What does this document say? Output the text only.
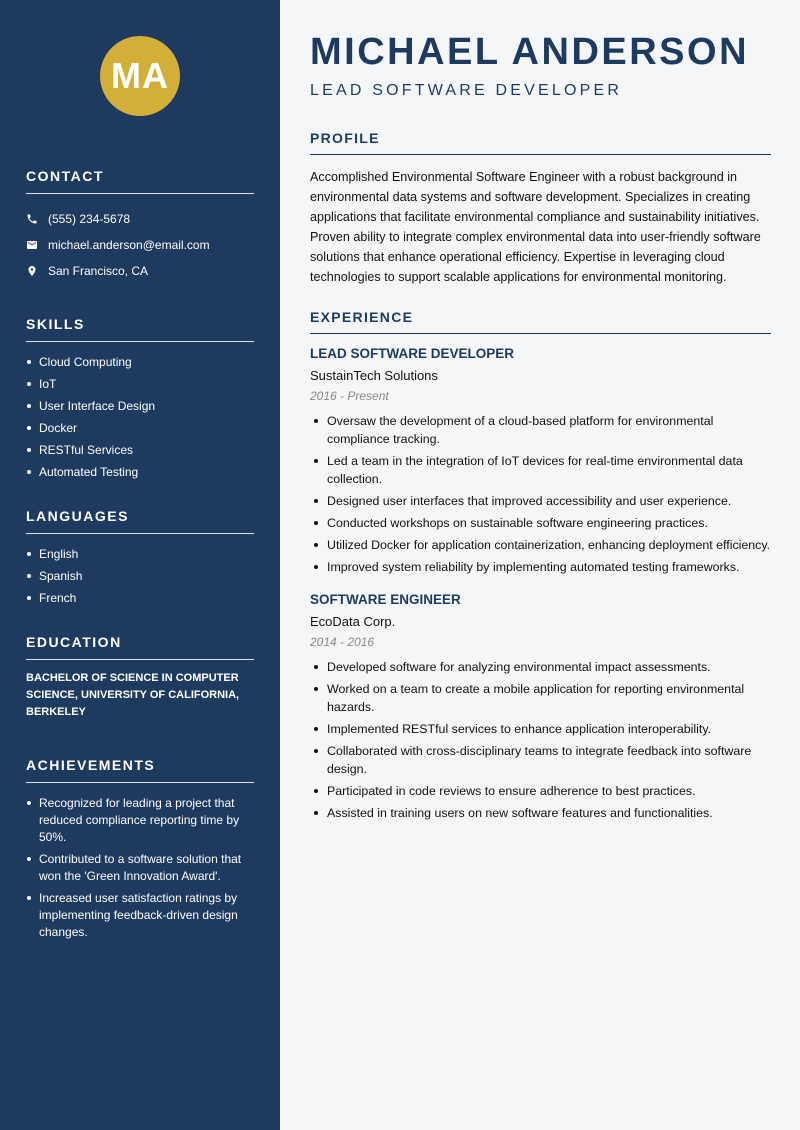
MA
CONTACT
(555) 234-5678
michael.anderson@email.com
San Francisco, CA
SKILLS
Cloud Computing
IoT
User Interface Design
Docker
RESTful Services
Automated Testing
LANGUAGES
English
Spanish
French
EDUCATION

BACHELOR OF SCIENCE IN COMPUTER SCIENCE, UNIVERSITY OF CALIFORNIA, BERKELEY

ACHIEVEMENTS
Recognized for leading a project that reduced compliance reporting time by 50%.
Contributed to a software solution that won the 'Green Innovation Award'.
Increased user satisfaction ratings by implementing feedback-driven design changes.
MICHAEL ANDERSON
LEAD SOFTWARE DEVELOPER
PROFILE

Accomplished Environmental Software Engineer with a robust background in environmental data systems and software development. Specializes in creating applications that facilitate environmental compliance and sustainability initiatives. Proven ability to integrate complex environmental data into user-friendly software solutions that enhance operational efficiency. Expertise in leveraging cloud technologies to support scalable applications for environmental monitoring.

EXPERIENCE
LEAD SOFTWARE DEVELOPER
SustainTech Solutions
2016 - Present
Oversaw the development of a cloud-based platform for environmental compliance tracking.
Led a team in the integration of IoT devices for real-time environmental data collection.
Designed user interfaces that improved accessibility and user experience.
Conducted workshops on sustainable software engineering practices.
Utilized Docker for application containerization, enhancing deployment efficiency.
Improved system reliability by implementing automated testing frameworks.
SOFTWARE ENGINEER
EcoData Corp.
2014 - 2016
Developed software for analyzing environmental impact assessments.
Worked on a team to create a mobile application for reporting environmental hazards.
Implemented RESTful services to enhance application interoperability.
Collaborated with cross-disciplinary teams to integrate feedback into software design.
Participated in code reviews to ensure adherence to best practices.
Assisted in training users on new software features and functionalities.
